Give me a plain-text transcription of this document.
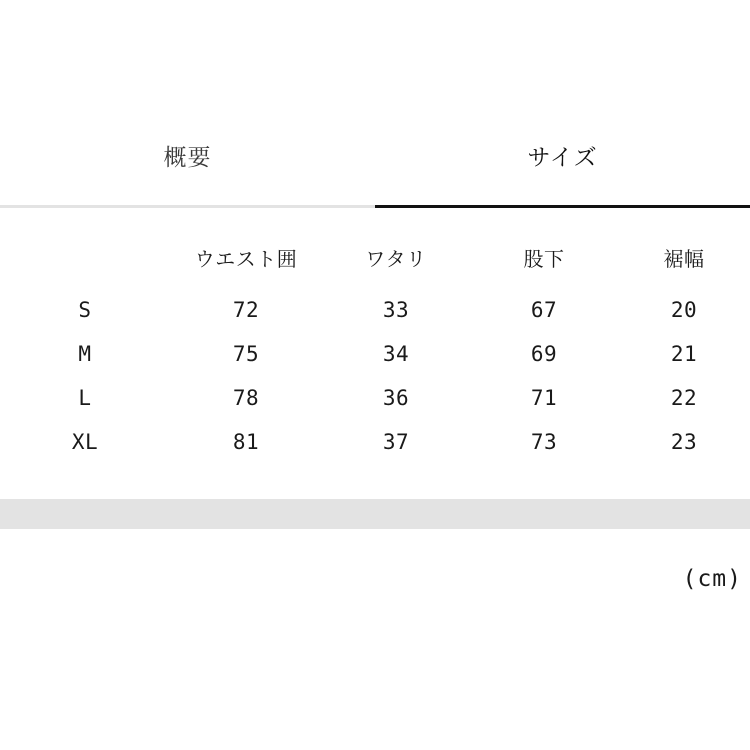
概要	サイズ
	ウエスト囲	ワタリ	股下	裾幅
S	72	33	67	20
M	75	34	69	21
L	78	36	71	22
XL	81	37	73	23
(cm)
